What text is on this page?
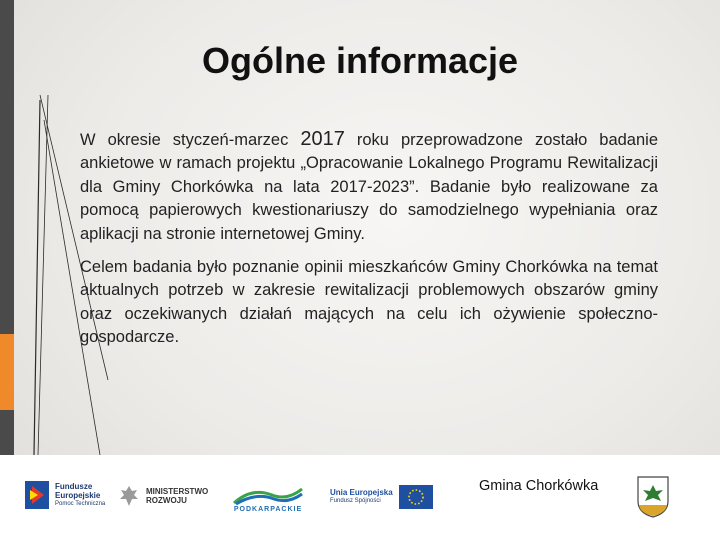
Ogólne informacje

W okresie styczeń-marzec 2017 roku przeprowadzone zostało badanie ankietowe w ramach projektu „Opracowanie Lokalnego Programu Rewitalizacji dla Gminy Chorkówka na lata 2017-2023”. Badanie było realizowane za pomocą papierowych kwestionariuszy do samodzielnego wypełniania oraz aplikacji na stronie internetowej Gminy.

Celem badania było poznanie opinii mieszkańców Gminy Chorkówka na temat aktualnych potrzeb w zakresie rewitalizacji problemowych obszarów gminy oraz oczekiwanych działań mających na celu ich ożywienie społeczno-gospodarcze.

Fundusze
Europejskie
Pomoc Techniczna
MINISTERSTWO
ROZWOJU
PODKARPACKIE
Unia Europejska
Fundusz Spójności
Gmina Chorkówka
